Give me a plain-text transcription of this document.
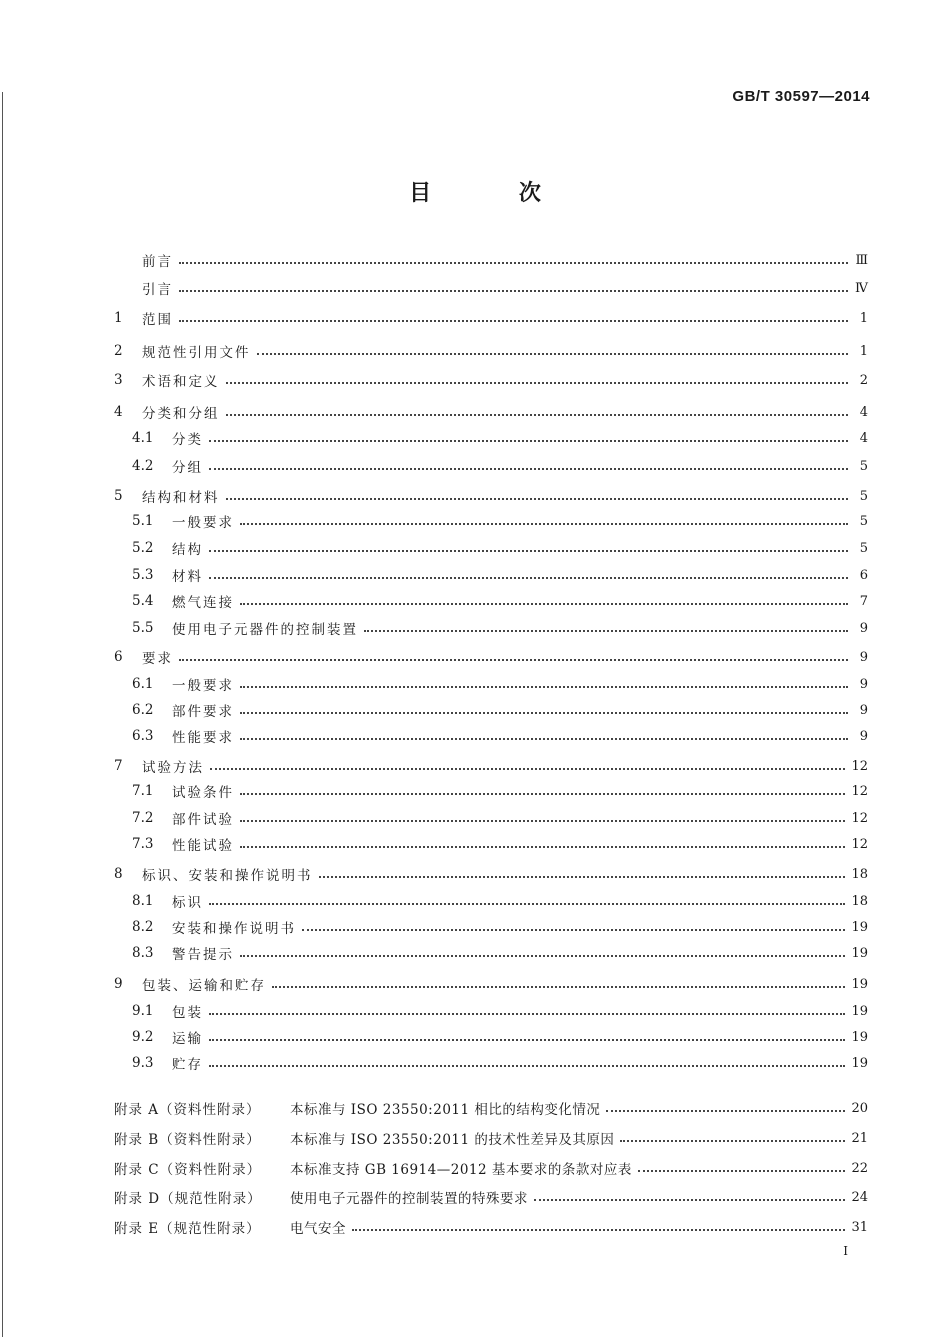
GB/T 30597—2014
目 次
前言	Ⅲ
引言	Ⅳ
1	范围	1
2	规范性引用文件	1
3	术语和定义	2
4	分类和分组	4
4.1	分类	4
4.2	分组	5
5	结构和材料	5
5.1	一般要求	5
5.2	结构	5
5.3	材料	6
5.4	燃气连接	7
5.5	使用电子元器件的控制装置	9
6	要求	9
6.1	一般要求	9
6.2	部件要求	9
6.3	性能要求	9
7	试验方法	12
7.1	试验条件	12
7.2	部件试验	12
7.3	性能试验	12
8	标识、安装和操作说明书	18
8.1	标识	18
8.2	安装和操作说明书	19
8.3	警告提示	19
9	包装、运输和贮存	19
9.1	包装	19
9.2	运输	19
9.3	贮存	19
附录 A（资料性附录）	本标准与 ISO 23550:2011 相比的结构变化情况	20
附录 B（资料性附录）	本标准与 ISO 23550:2011 的技术性差异及其原因	21
附录 C（资料性附录）	本标准支持 GB 16914—2012 基本要求的条款对应表	22
附录 D（规范性附录）	使用电子元器件的控制装置的特殊要求	24
附录 E（规范性附录）	电气安全	31
I
